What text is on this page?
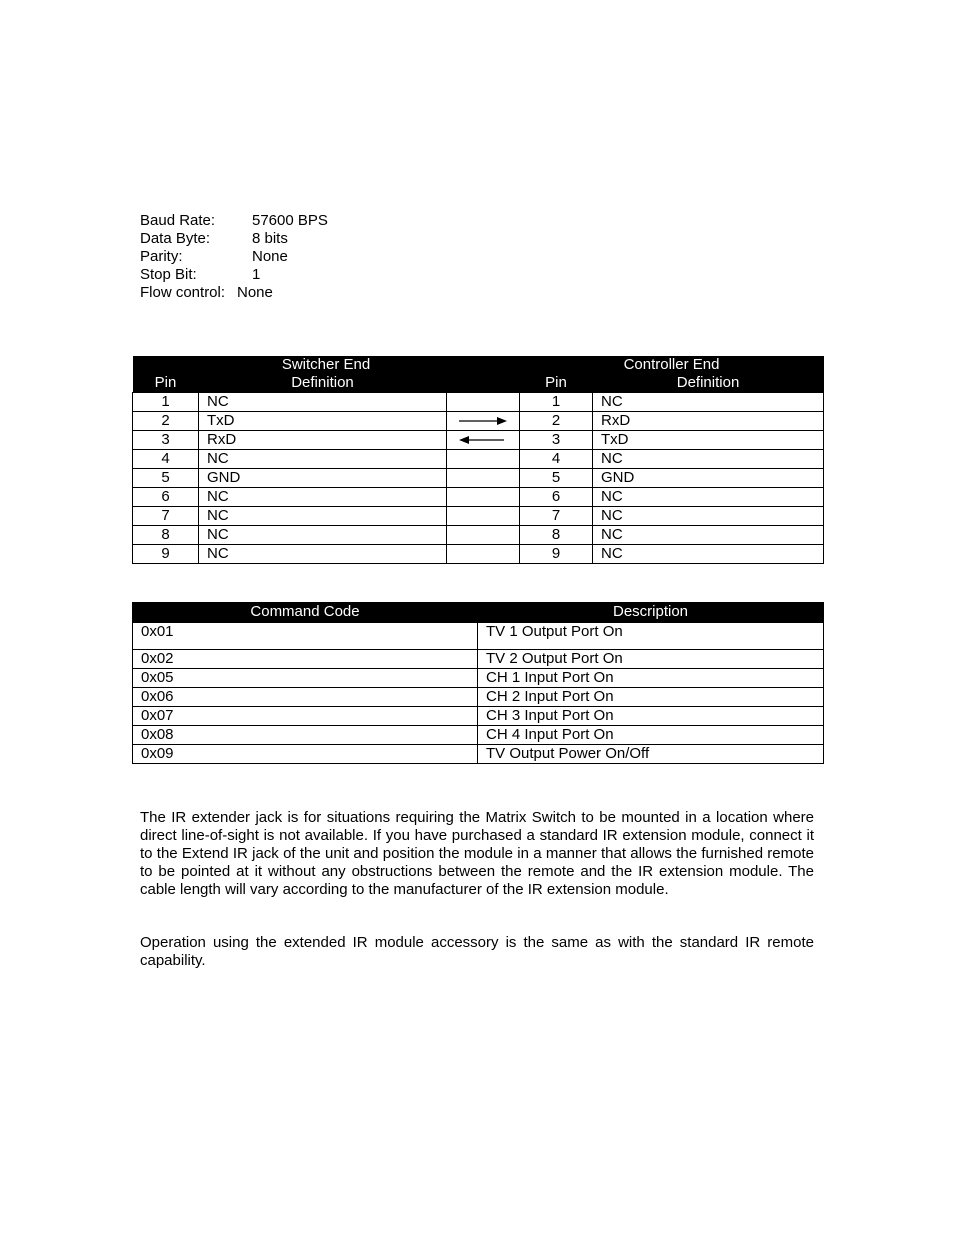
Baud Rate: 57600 BPS
Data Byte:	8 bits
Parity:	None
Stop Bit:	1
Flow control: None
Switcher End			Controller End	
Pin	Definition		Pin	Definition
1	NC		1	NC
2	TxD		2	RxD
3	RxD		3	TxD
4	NC		4	NC
5	GND		5	GND
6	NC		6	NC
7	NC		7	NC
8	NC		8	NC
9	NC		9	NC
Command Code	Description
0x01	TV 1 Output Port On
0x02	TV 2 Output Port On
0x05	CH 1 Input Port On
0x06	CH 2 Input Port On
0x07	CH 3 Input Port On
0x08	CH 4 Input Port On
0x09	TV Output Power On/Off
The IR extender jack is for situations requiring the Matrix Switch to be mounted in a location where direct line-of-sight is not available. If you have purchased a standard IR extension module, connect it to the Extend IR jack of the unit and position the module in a manner that allows the furnished remote to be pointed at it without any obstructions between the remote and the IR extension module. The cable length will vary according to the manufacturer of the IR extension module.
Operation using the extended IR module accessory is the same as with the standard IR remote capability.
